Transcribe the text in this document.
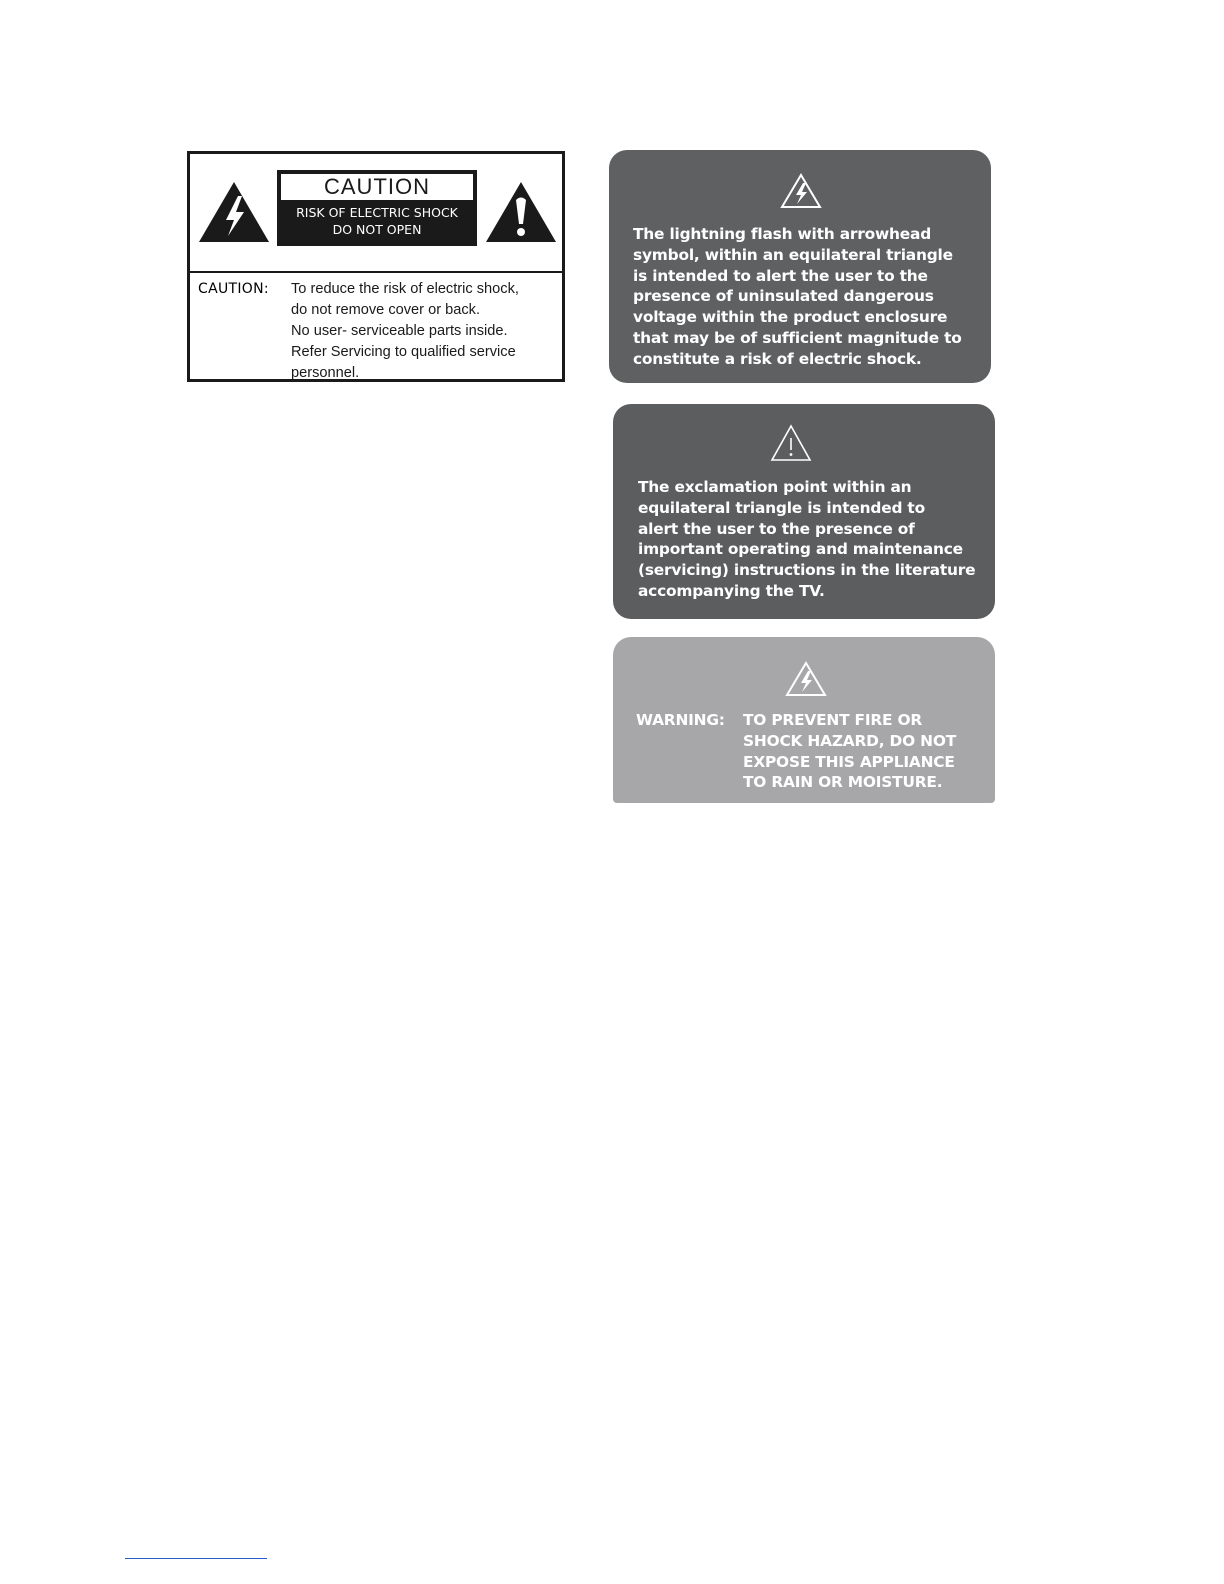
CAUTION
RISK OF ELECTRIC SHOCK
DO NOT OPEN
CAUTION: To reduce the risk of electric shock,
do not remove cover or back.
No user- serviceable parts inside.
Refer Servicing to qualified service
personnel.
The lightning flash with arrowhead
symbol, within an equilateral triangle
is intended to alert the user to the
presence of uninsulated dangerous
voltage within the product enclosure
that may be of sufficient magnitude to
constitute a risk of electric shock.
The exclamation point within an
equilateral triangle is intended to
alert the user to the presence of
important operating and maintenance
(servicing) instructions in the literature
accompanying the TV.
WARNING: TO PREVENT FIRE OR
SHOCK HAZARD, DO NOT
EXPOSE THIS APPLIANCE
TO RAIN OR MOISTURE.
